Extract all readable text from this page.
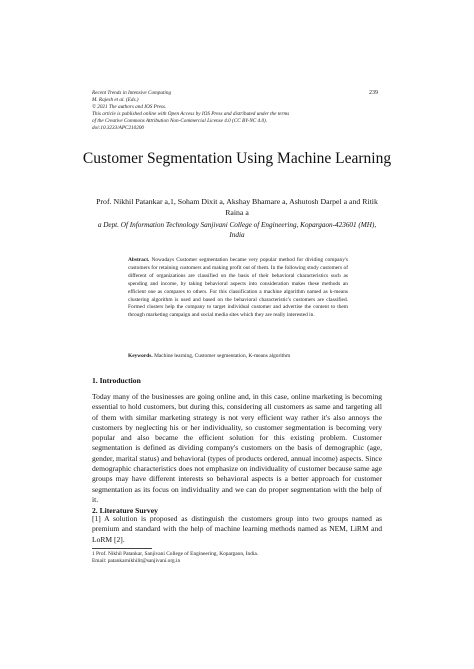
Recent Trends in Intensive Computing
M. Rajesh et al. (Eds.)
© 2021 The authors and IOS Press.
This article is published online with Open Access by IOS Press and distributed under the terms
of the Creative Commons Attribution Non-Commercial License 4.0 (CC BY-NC 4.0).
doi:10.3233/APC210200
239
Customer Segmentation Using Machine Learning
Prof. Nikhil Patankar a,1, Soham Dixit a, Akshay Bhamare a, Ashutosh Darpel a and Ritik Raina a
a Dept. Of Information Technology Sanjivani College of Engineering, Kopargaon-423601 (MH), India
Abstract. Nowadays Customer segmentation became very popular method for dividing company's customers for retaining customers and making profit out of them. In the following study customers of different of organizations are classified on the basis of their behavioral characteristics such as spending and income, by taking behavioral aspects into consideration makes these methods an efficient one as compares to others. For this classification a machine algorithm named as k-means clustering algorithm is used and based on the behavioral characteristic's customers are classified. Formed clusters help the company to target individual customer and advertise the content to them through marketing campaign and social media sites which they are really interested in.
Keywords. Machine learning, Customer segmentation, K-means algorithm
1. Introduction
Today many of the businesses are going online and, in this case, online marketing is becoming essential to hold customers, but during this, considering all customers as same and targeting all of them with similar marketing strategy is not very efficient way rather it's also annoys the customers by neglecting his or her individuality, so customer segmentation is becoming very popular and also became the efficient solution for this existing problem. Customer segmentation is defined as dividing company's customers on the basis of demographic (age, gender, marital status) and behavioral (types of products ordered, annual income) aspects. Since demographic characteristics does not emphasize on individuality of customer because same age groups may have different interests so behavioral aspects is a better approach for customer segmentation as its focus on individuality and we can do proper segmentation with the help of it.
2. Literature Survey
[1] A solution is proposed as distinguish the customers group into two groups named as premium and standard with the help of machine learning methods named as NEM, LiRM and LoRM [2].
1 Prof. Nikhil Patankar, Sanjivani College of Engineering, Kopargaon, India.
Email: patankarnikhilit@sanjivani.org.in
